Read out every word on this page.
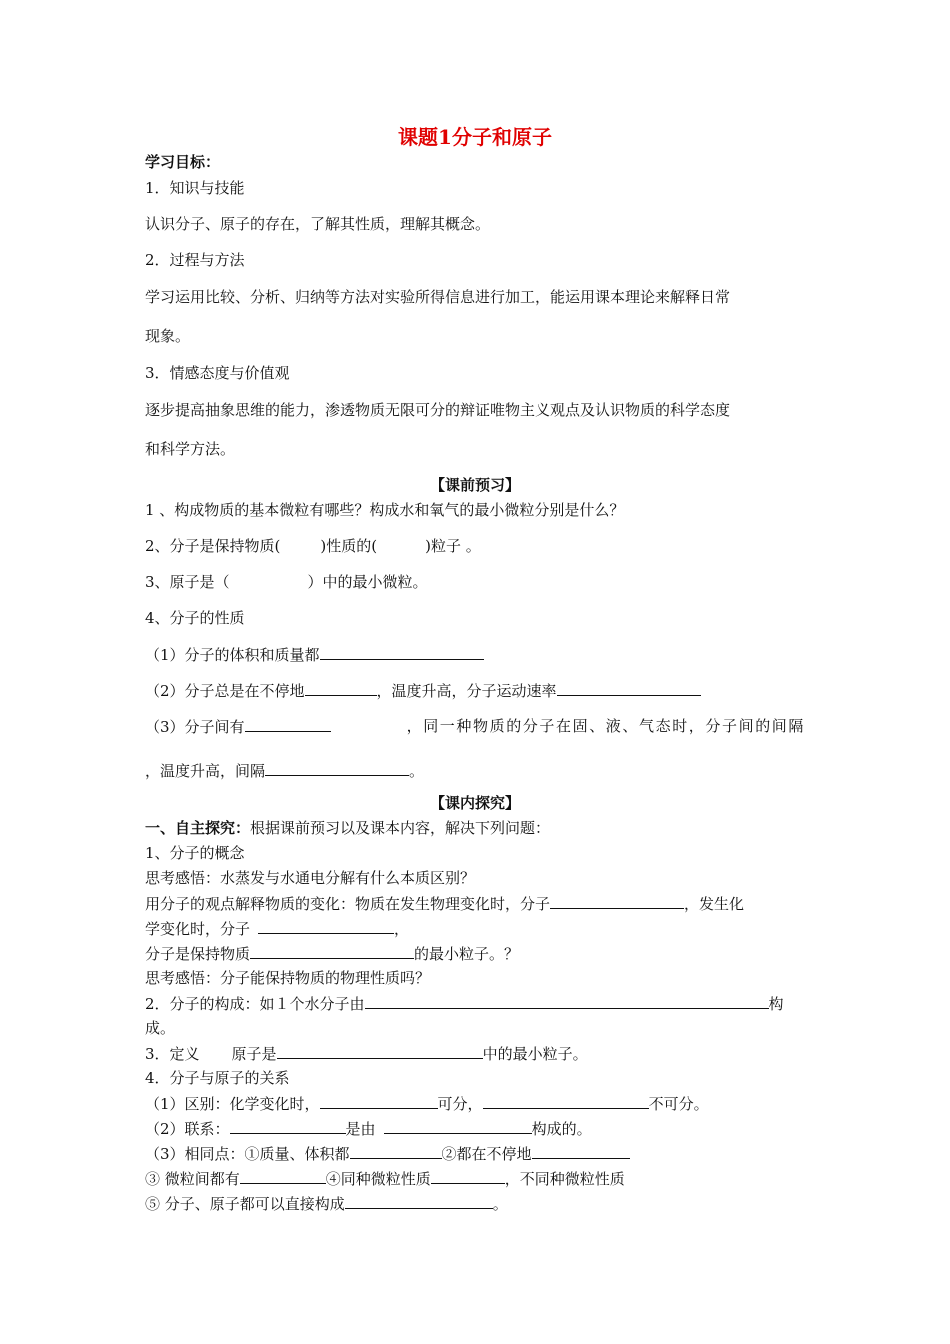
课题1分子和原子
学习目标：
1．知识与技能
认识分子、原子的存在，了解其性质，理解其概念。
2．过程与方法
学习运用比较、分析、归纳等方法对实验所得信息进行加工，能运用课本理论来解释日常
现象。
3．情感态度与价值观
逐步提高抽象思维的能力，渗透物质无限可分的辩证唯物主义观点及认识物质的科学态度
和科学方法。
【课前预习】
1 、构成物质的基本微粒有哪些？构成水和氧气的最小微粒分别是什么？
2、分子是保持物质(	)性质的(	)粒子 。
3、原子是（	）中的最小微粒。
4、分子的性质
（1）分子的体积和质量都
（2）分子总是在不停地	，温度升高，分子运动速率
（3）分子间有	，同一种物质的分子在固、液、气态时，分子间的间隔
，温度升高，间隔	。
【课内探究】
一、自主探究：根据课前预习以及课本内容，解决下列问题：
1、分子的概念
思考感悟：水蒸发与水通电分解有什么本质区别？
用分子的观点解释物质的变化：物质在发生物理变化时，分子	，发生化
学变化时，分子	，
分子是保持物质	的最小粒子。？
思考感悟：分子能保持物质的物理性质吗？
2．分子的构成：如１个水分子由	构
成。
3．定义 原子是	中的最小粒子。
4．分子与原子的关系
（1）区别：化学变化时，	可分，	不可分。
（2）联系：	是由	构成的。
（3）相同点：①质量、体积都	②都在不停地
③ 微粒间都有	④同种微粒性质	，不同种微粒性质
⑤ 分子、原子都可以直接构成	。
